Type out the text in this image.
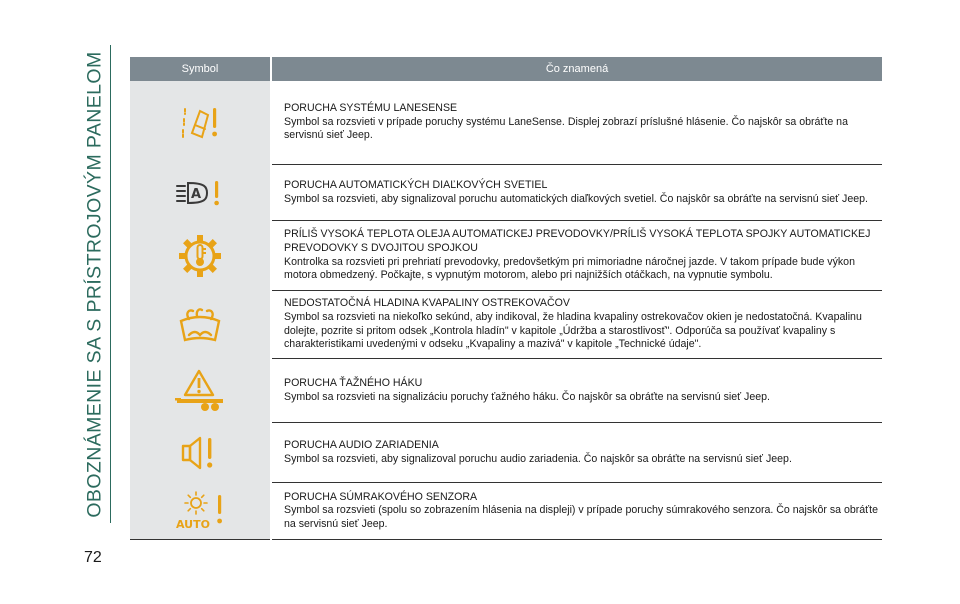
OBOZNÁMENIE SA S PRÍSTROJOVÝM PANELOM
72
Symbol	Čo znamená
PORUCHA SYSTÉMU LANESENSE
Symbol sa rozsvieti v prípade poruchy systému LaneSense. Displej zobrazí príslušné hlásenie. Čo najskôr sa obráťte na servisnú sieť Jeep.
A
PORUCHA AUTOMATICKÝCH DIAĽKOVÝCH SVETIEL
Symbol sa rozsvieti, aby signalizoval poruchu automatických diaľkových svetiel. Čo najskôr sa obráťte na servisnú sieť Jeep.
PRÍLIŠ VYSOKÁ TEPLOTA OLEJA AUTOMATICKEJ PREVODOVKY/PRÍLIŠ VYSOKÁ TEPLOTA SPOJKY AUTOMATICKEJ PREVODOVKY S DVOJITOU SPOJKOU
Kontrolka sa rozsvieti pri prehriatí prevodovky, predovšetkým pri mimoriadne náročnej jazde. V takom prípade bude výkon motora obmedzený. Počkajte, s vypnutým motorom, alebo pri najnižších otáčkach, na vypnutie symbolu.
NEDOSTATOČNÁ HLADINA KVAPALINY OSTREKOVAČOV
Symbol sa rozsvieti na niekoľko sekúnd, aby indikoval, že hladina kvapaliny ostrekovačov okien je nedostatočná. Kvapalinu dolejte, pozrite si pritom odsek „Kontrola hladín" v kapitole „Údržba a starostlivosť". Odporúča sa používať kvapaliny s charakteristikami uvedenými v odseku „Kvapaliny a mazivá" v kapitole „Technické údaje".
PORUCHA ŤAŽNÉHO HÁKU
Symbol sa rozsvieti na signalizáciu poruchy ťažného háku. Čo najskôr sa obráťte na servisnú sieť Jeep.
PORUCHA AUDIO ZARIADENIA
Symbol sa rozsvieti, aby signalizoval poruchu audio zariadenia. Čo najskôr sa obráťte na servisnú sieť Jeep.
AUTO
PORUCHA SÚMRAKOVÉHO SENZORA
Symbol sa rozsvieti (spolu so zobrazením hlásenia na displeji) v prípade poruchy súmrakového senzora. Čo najskôr sa obráťte na servisnú sieť Jeep.
